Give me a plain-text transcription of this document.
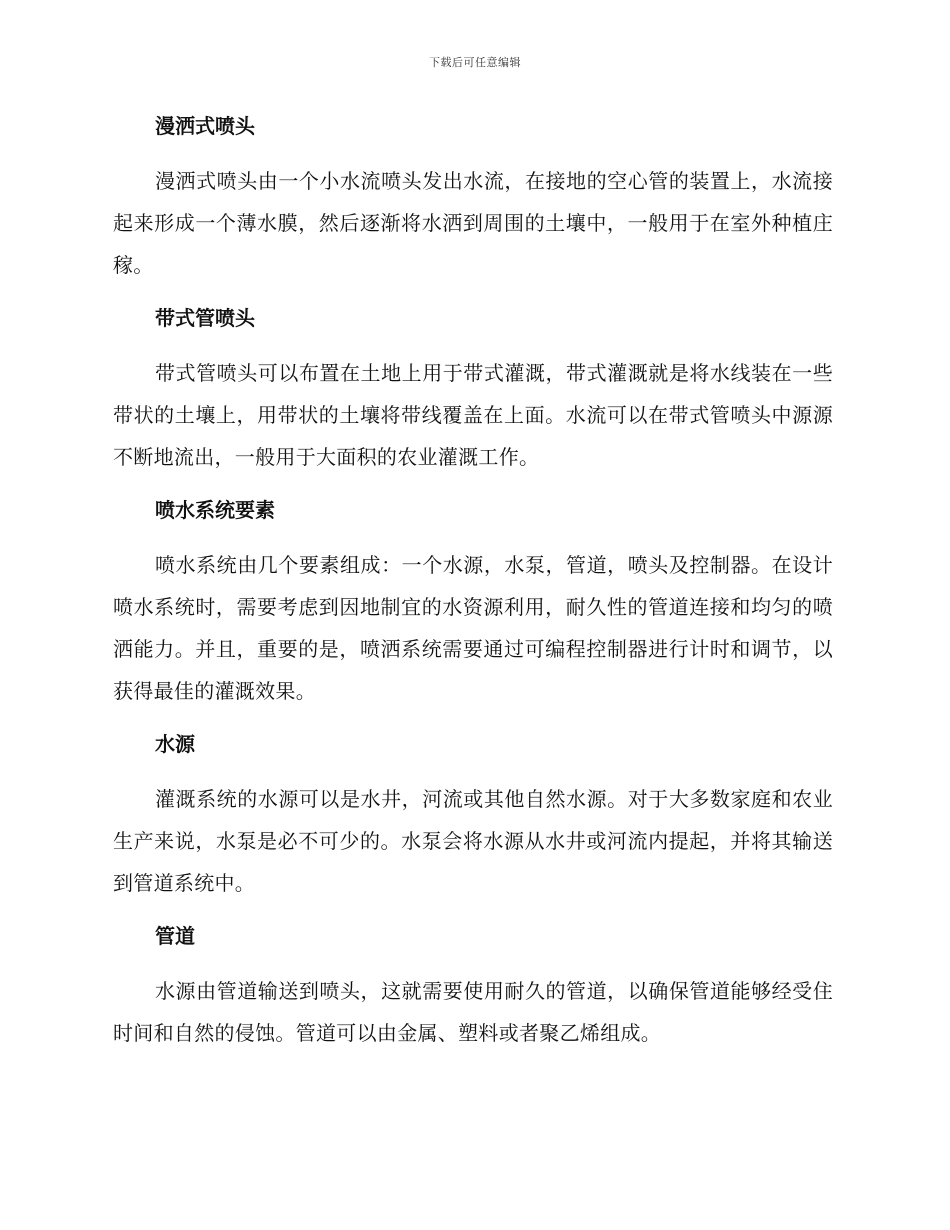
下载后可任意编辑
漫洒式喷头

漫洒式喷头由一个小水流喷头发出水流，在接地的空心管的装置上，水流接起来形成一个薄水膜，然后逐渐将水洒到周围的土壤中，一般用于在室外种植庄稼。

带式管喷头

带式管喷头可以布置在土地上用于带式灌溉，带式灌溉就是将水线装在一些带状的土壤上，用带状的土壤将带线覆盖在上面。水流可以在带式管喷头中源源不断地流出，一般用于大面积的农业灌溉工作。

喷水系统要素

喷水系统由几个要素组成：一个水源，水泵，管道，喷头及控制器。在设计喷水系统时，需要考虑到因地制宜的水资源利用，耐久性的管道连接和均匀的喷洒能力。并且，重要的是，喷洒系统需要通过可编程控制器进行计时和调节，以获得最佳的灌溉效果。

水源

灌溉系统的水源可以是水井，河流或其他自然水源。对于大多数家庭和农业生产来说，水泵是必不可少的。水泵会将水源从水井或河流内提起，并将其输送到管道系统中。

管道

水源由管道输送到喷头，这就需要使用耐久的管道，以确保管道能够经受住时间和自然的侵蚀。管道可以由金属、塑料或者聚乙烯组成。
